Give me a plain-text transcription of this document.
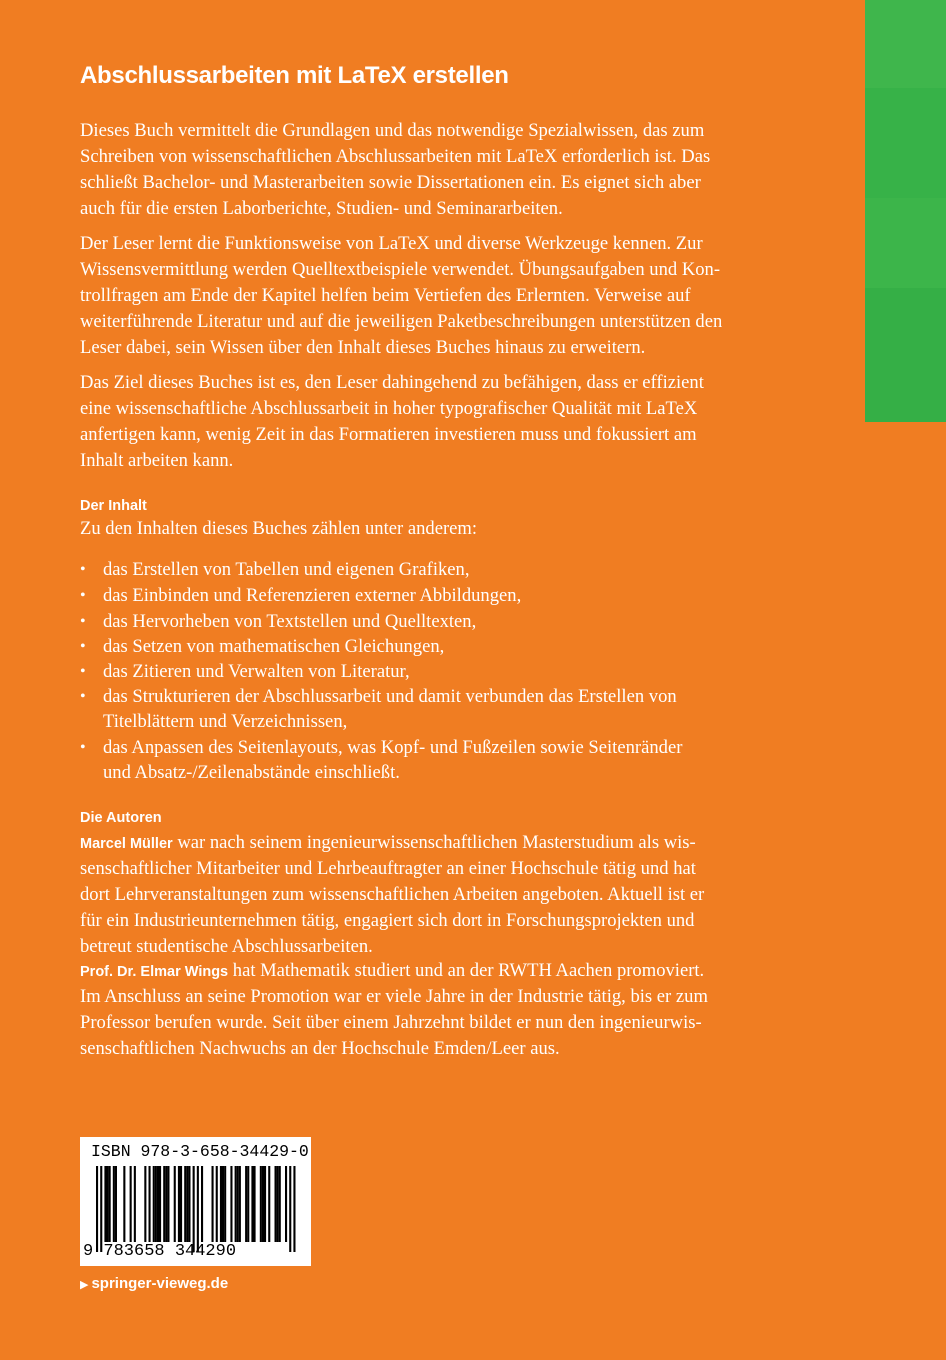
Abschlussarbeiten mit LaTeX erstellen

Dieses Buch vermittelt die Grundlagen und das notwendige Spezialwissen, das zum

Schreiben von wissenschaftlichen Abschlussarbeiten mit LaTeX erforderlich ist. Das

schließt Bachelor- und Masterarbeiten sowie Dissertationen ein. Es eignet sich aber

auch für die ersten Laborberichte, Studien- und Seminararbeiten.

Der Leser lernt die Funktionsweise von LaTeX und diverse Werkzeuge kennen. Zur

Wissensvermittlung werden Quelltextbeispiele verwendet. Übungsaufgaben und Kon-

trollfragen am Ende der Kapitel helfen beim Vertiefen des Erlernten. Verweise auf

weiterführende Literatur und auf die jeweiligen Paketbeschreibungen unterstützen den

Leser dabei, sein Wissen über den Inhalt dieses Buches hinaus zu erweitern.

Das Ziel dieses Buches ist es, den Leser dahingehend zu befähigen, dass er effizient

eine wissenschaftliche Abschlussarbeit in hoher typografischer Qualität mit LaTeX

anfertigen kann, wenig Zeit in das Formatieren investieren muss und fokussiert am

Inhalt arbeiten kann.

Der Inhalt

Zu den Inhalten dieses Buches zählen unter anderem:

• das Erstellen von Tabellen und eigenen Grafiken,

• das Einbinden und Referenzieren externer Abbildungen,

• das Hervorheben von Textstellen und Quelltexten,

• das Setzen von mathematischen Gleichungen,

• das Zitieren und Verwalten von Literatur,

• das Strukturieren der Abschlussarbeit und damit verbunden das Erstellen von

Titelblättern und Verzeichnissen,

• das Anpassen des Seitenlayouts, was Kopf- und Fußzeilen sowie Seitenränder

und Absatz-/Zeilenabstände einschließt.

Die Autoren

Marcel Müller war nach seinem ingenieurwissenschaftlichen Masterstudium als wis-

senschaftlicher Mitarbeiter und Lehrbeauftragter an einer Hochschule tätig und hat

dort Lehrveranstaltungen zum wissenschaftlichen Arbeiten angeboten. Aktuell ist er

für ein Industrieunternehmen tätig, engagiert sich dort in Forschungsprojekten und

betreut studentische Abschlussarbeiten.

Prof. Dr. Elmar Wings hat Mathematik studiert und an der RWTH Aachen promoviert.

Im Anschluss an seine Promotion war er viele Jahre in der Industrie tätig, bis er zum

Professor berufen wurde. Seit über einem Jahrzehnt bildet er nun den ingenieurwis-

senschaftlichen Nachwuchs an der Hochschule Emden/Leer aus.

ISBN 978-3-658-34429-0
9 783658 344290
▶ springer-vieweg.de
